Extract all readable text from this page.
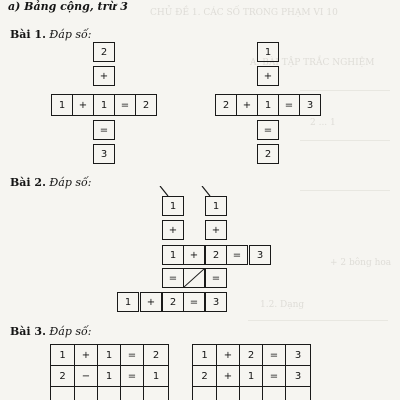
CHỦ ĐỀ 1. CÁC SỐ TRONG PHẠM VI 10
A. BÀI TẬP TRẮC NGHIỆM
2 ... 1
+ 2 bông hoa
1.2. Dạng
a) Bảng cộng, trừ 3
Bài 1. Đáp số:
2
+
1
=
3
1	+	=	2
1
+
1
=
2
2	+	=	3
Bài 2. Đáp số:
1
+
1
+
1	+	2	=	3
=	=
1	+	2	=	3
Bài 3. Đáp số:
1	+	1	=	2
2	−	1	=	1
1	+	2	=	3
2	+	1	=	3
